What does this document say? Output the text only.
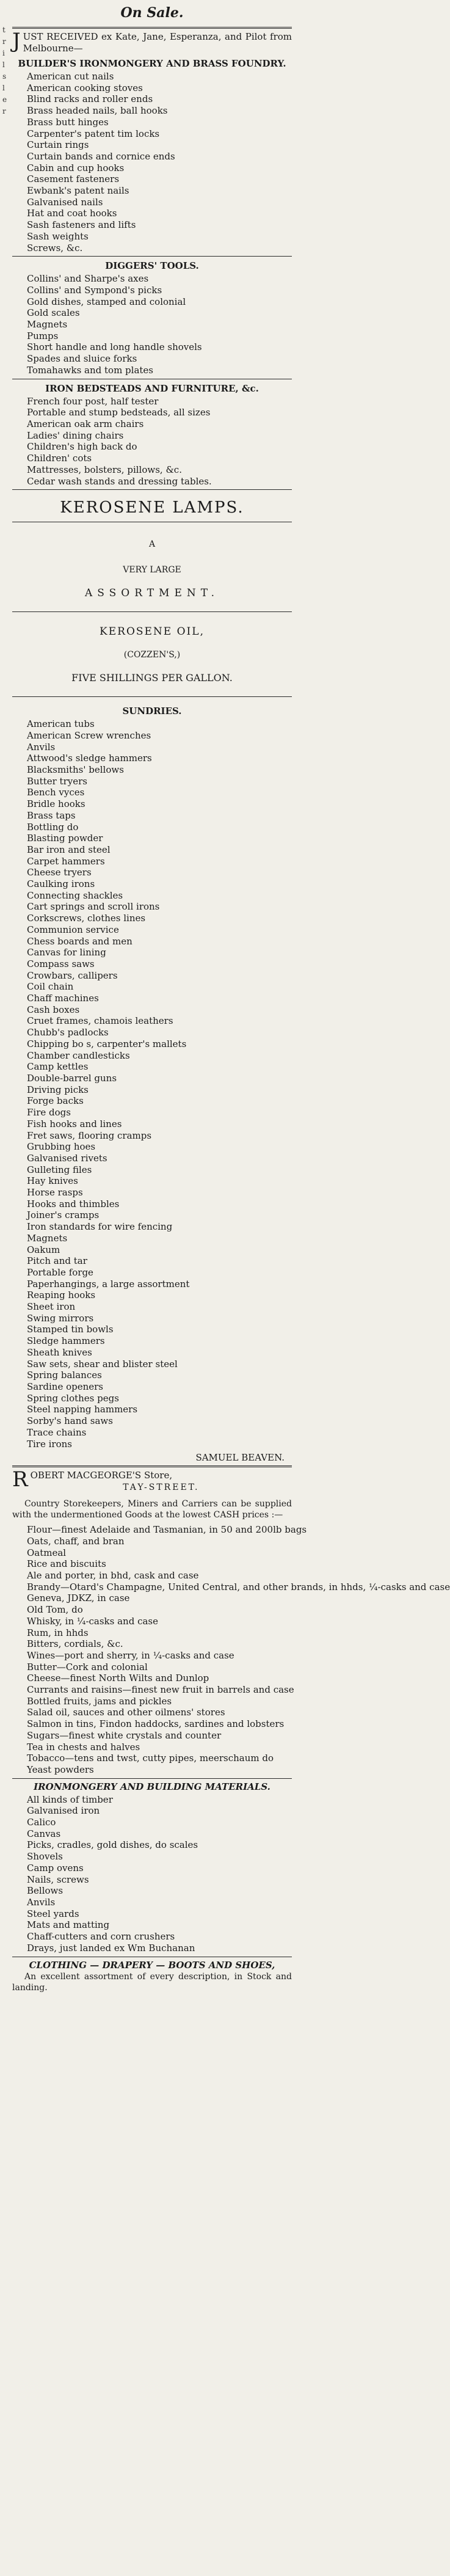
t
r
i
l
s
l
e
r
On Sale.
J UST RECEIVED ex Kate, Jane, Esperanza, and Pilot from Melbourne—
BUILDER'S IRONMONGERY AND BRASS FOUNDRY.
American cut nails
American cooking stoves
Blind racks and roller ends
Brass headed nails, ball hooks
Brass butt hinges
Carpenter's patent tim locks
Curtain rings
Curtain bands and cornice ends
Cabin and cup hooks
Casement fasteners
Ewbank's patent nails
Galvanised nails
Hat and coat hooks
Sash fasteners and lifts
Sash weights
Screws, &c.
DIGGERS' TOOLS.
Collins' and Sharpe's axes
Collins' and Sympond's picks
Gold dishes, stamped and colonial
Gold scales
Magnets
Pumps
Short handle and long handle shovels
Spades and sluice forks
Tomahawks and tom plates
IRON BEDSTEADS AND FURNITURE, &c.
French four post, half tester
Portable and stump bedsteads, all sizes
American oak arm chairs
Ladies' dining chairs
Children's high back do
Children' cots
Mattresses, bolsters, pillows, &c.
Cedar wash stands and dressing tables.
KEROSENE LAMPS.
A
VERY LARGE
ASSORTMENT.
KEROSENE OIL,
(COZZEN'S,)
FIVE SHILLINGS PER GALLON.
SUNDRIES.
American tubs
American Screw wrenches
Anvils
Attwood's sledge hammers
Blacksmiths' bellows
Butter tryers
Bench vyces
Bridle hooks
Brass taps
Bottling do
Blasting powder
Bar iron and steel
Carpet hammers
Cheese tryers
Caulking irons
Connecting shackles
Cart springs and scroll irons
Corkscrews, clothes lines
Communion service
Chess boards and men
Canvas for lining
Compass saws
Crowbars, callipers
Coil chain
Chaff machines
Cash boxes
Cruet frames, chamois leathers
Chubb's padlocks
Chipping bo s, carpenter's mallets
Chamber candlesticks
Camp kettles
Double-barrel guns
Driving picks
Forge backs
Fire dogs
Fish hooks and lines
Fret saws, flooring cramps
Grubbing hoes
Galvanised rivets
Gulleting files
Hay knives
Horse rasps
Hooks and thimbles
Joiner's cramps
Iron standards for wire fencing
Magnets
Oakum
Pitch and tar
Portable forge
Paperhangings, a large assortment
Reaping hooks
Sheet iron
Swing mirrors
Stamped tin bowls
Sledge hammers
Sheath knives
Saw sets, shear and blister steel
Spring balances
Sardine openers
Spring clothes pegs
Steel napping hammers
Sorby's hand saws
Trace chains
Tire irons
SAMUEL BEAVEN.
R OBERT MACGEORGE'S Store,
TAY-STREET.
Country Storekeepers, Miners and Carriers can be supplied with the undermentioned Goods at the lowest CASH prices :—
Flour—finest Adelaide and Tasmanian, in 50 and 200lb bags
Oats, chaff, and bran
Oatmeal
Rice and biscuits
Ale and porter, in bhd, cask and case
Brandy—Otard's Champagne, United Central, and other brands, in hhds, ¼-casks and case
Geneva, JDKZ, in case
Old Tom, do
Whisky, in ¼-casks and case
Rum, in hhds
Bitters, cordials, &c.
Wines—port and sherry, in ¼-casks and case
Butter—Cork and colonial
Cheese—finest North Wilts and Dunlop
Currants and raisins—finest new fruit in barrels and case
Bottled fruits, jams and pickles
Salad oil, sauces and other oilmens' stores
Salmon in tins, Findon haddocks, sardines and lobsters
Sugars—finest white crystals and counter
Tea in chests and halves
Tobacco—tens and twst, cutty pipes, meerschaum do
Yeast powders
IRONMONGERY AND BUILDING MATERIALS.
All kinds of timber
Galvanised iron
Calico
Canvas
Picks, cradles, gold dishes, do scales
Shovels
Camp ovens
Nails, screws
Bellows
Anvils
Steel yards
Mats and matting
Chaff-cutters and corn crushers
Drays, just landed ex Wm Buchanan
CLOTHING — DRAPERY — BOOTS AND SHOES,
An excellent assortment of every description, in Stock and landing.
